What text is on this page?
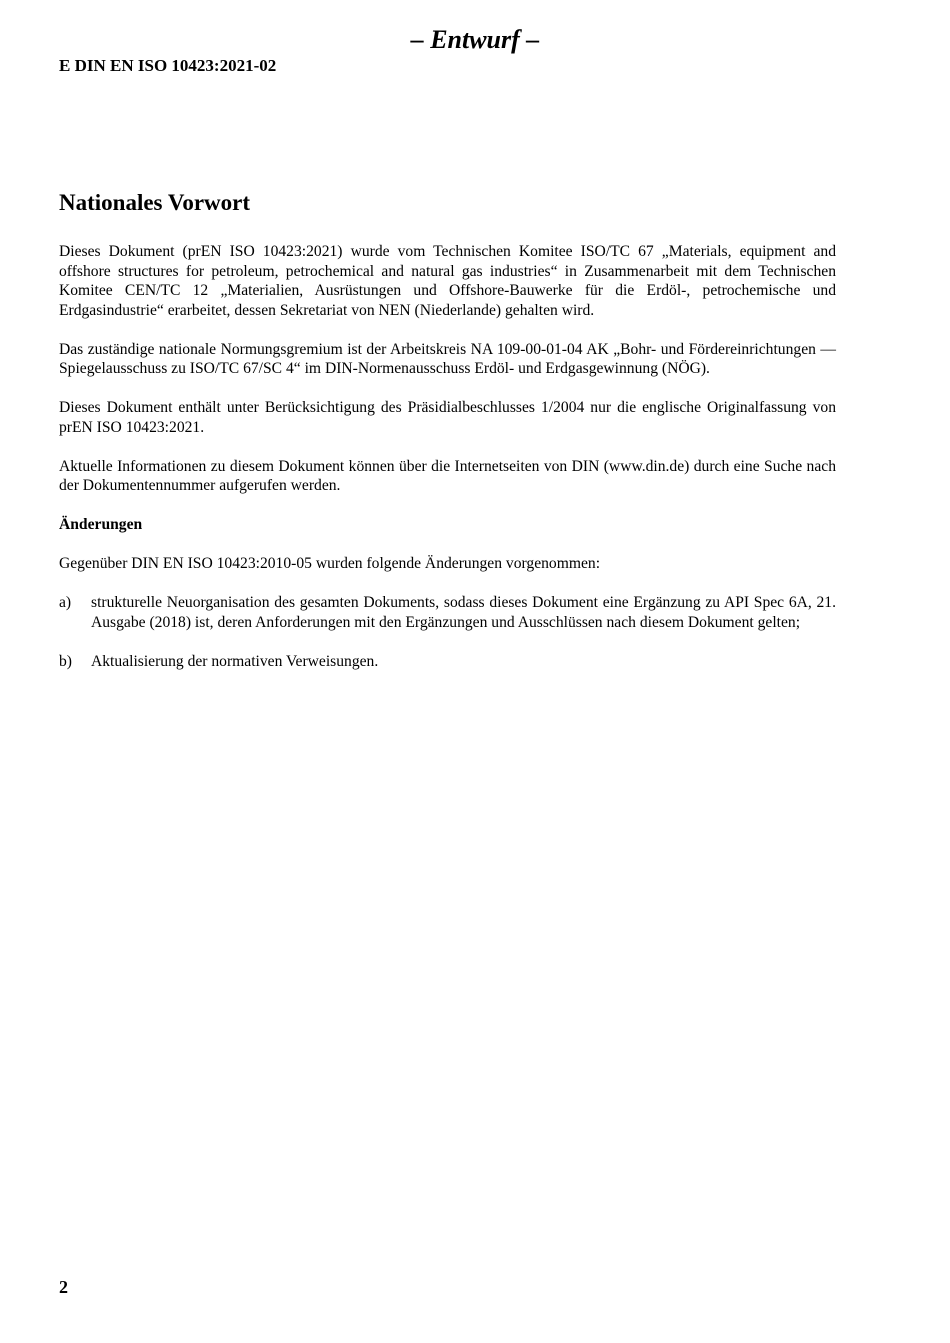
– Entwurf –
E DIN EN ISO 10423:2021-02
Nationales Vorwort

Dieses Dokument (prEN ISO 10423:2021) wurde vom Technischen Komitee ISO/TC 67 „Materials, equipment and offshore structures for petroleum, petrochemical and natural gas industries“ in Zusammenarbeit mit dem Technischen Komitee CEN/TC 12 „Materialien, Ausrüstungen und Offshore-Bauwerke für die Erdöl-, petrochemische und Erdgasindustrie“ erarbeitet, dessen Sekretariat von NEN (Niederlande) gehalten wird.

Das zuständige nationale Normungsgremium ist der Arbeitskreis NA 109-00-01-04 AK „Bohr- und Fördereinrichtungen — Spiegelausschuss zu ISO/TC 67/SC 4“ im DIN-Normenausschuss Erdöl- und Erdgasgewinnung (NÖG).

Dieses Dokument enthält unter Berücksichtigung des Präsidialbeschlusses 1/2004 nur die englische Originalfassung von prEN ISO 10423:2021.

Aktuelle Informationen zu diesem Dokument können über die Internetseiten von DIN (www.din.de) durch eine Suche nach der Dokumentennummer aufgerufen werden.

Änderungen

Gegenüber DIN EN ISO 10423:2010-05 wurden folgende Änderungen vorgenommen:

a)	strukturelle Neuorganisation des gesamten Dokuments, sodass dieses Dokument eine Ergänzung zu API Spec 6A, 21. Ausgabe (2018) ist, deren Anforderungen mit den Ergänzungen und Ausschlüssen nach diesem Dokument gelten;
b)	Aktualisierung der normativen Verweisungen.
2
